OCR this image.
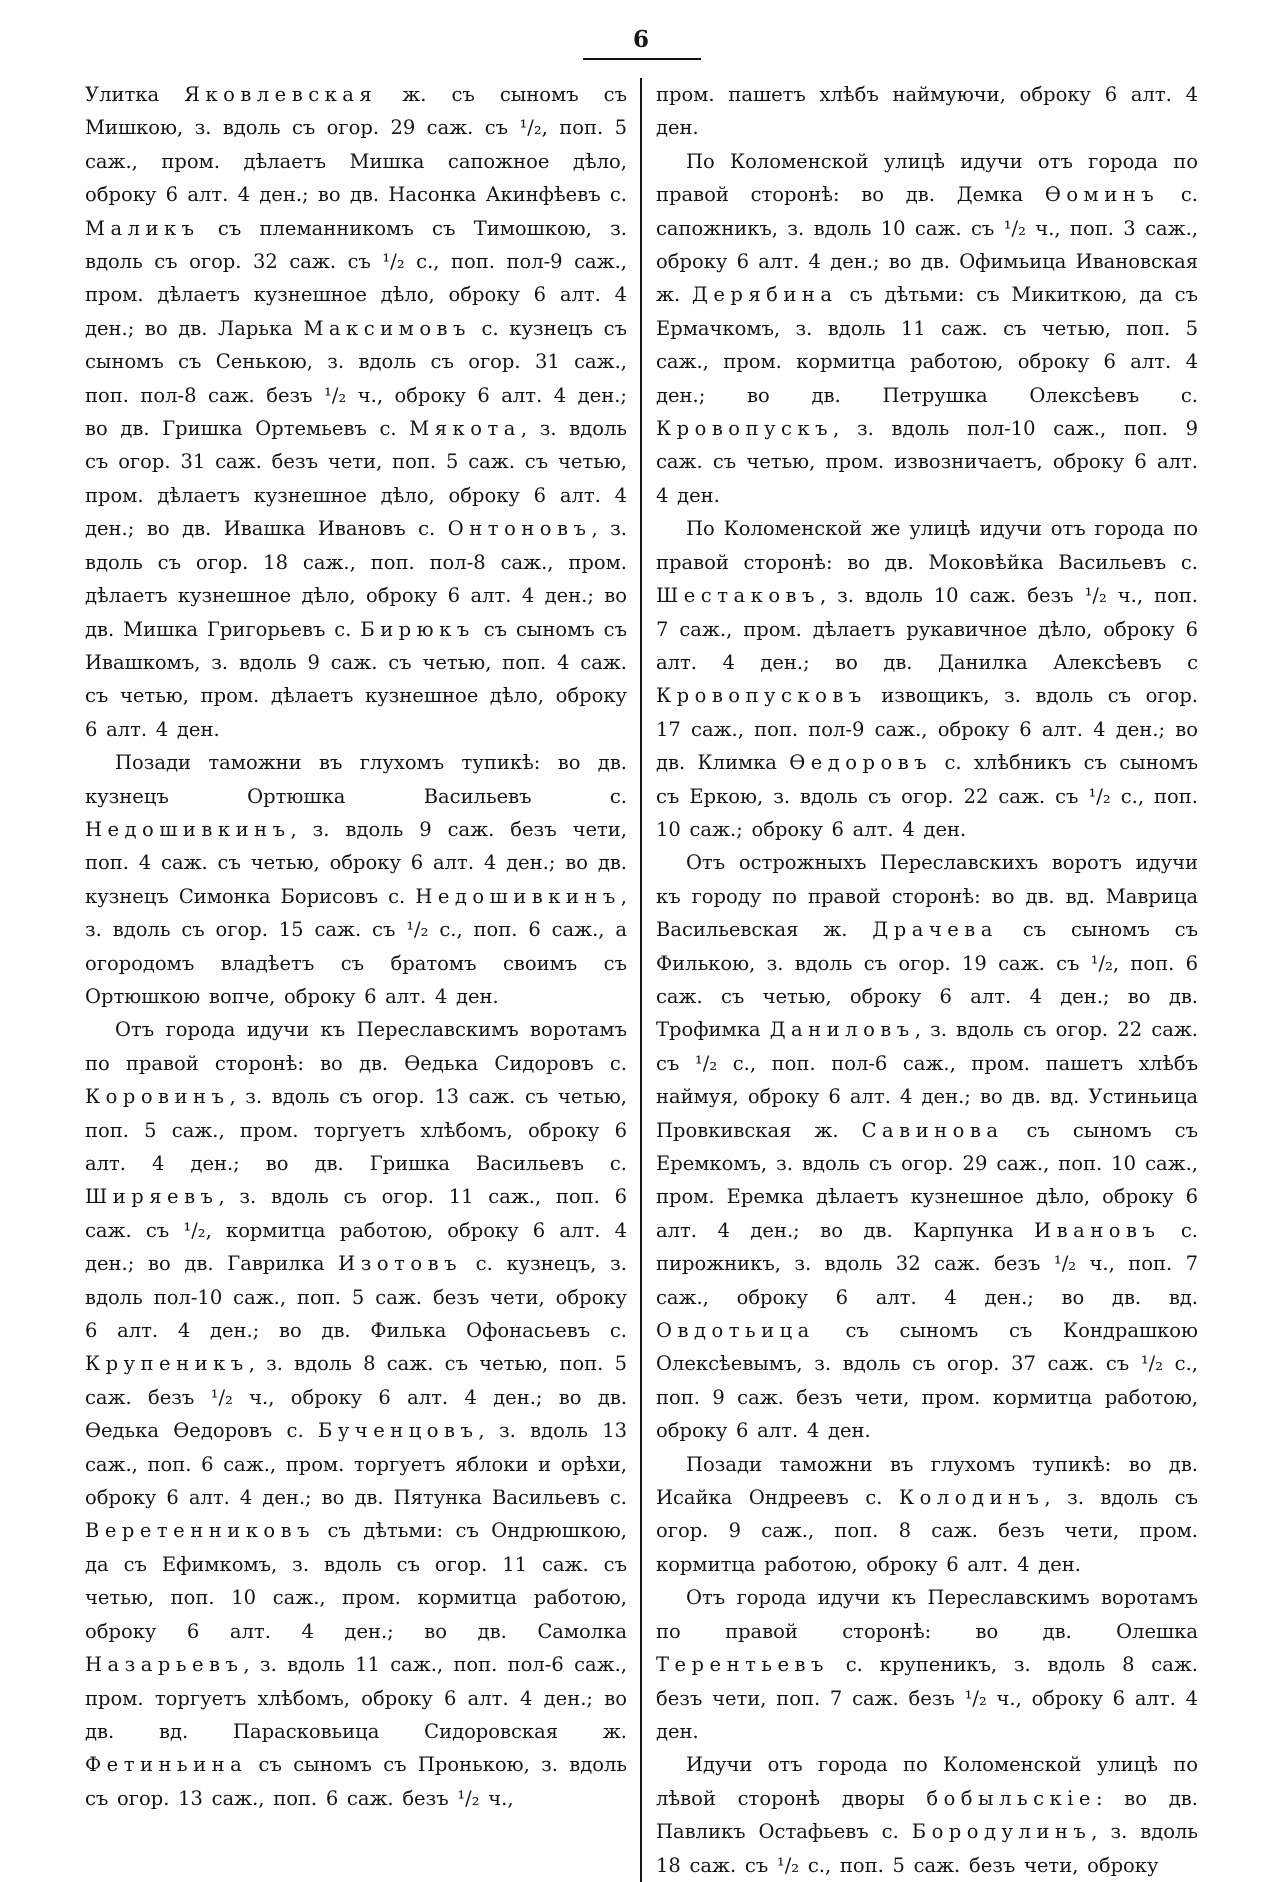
6

Улитка Яковлевская ж. съ сыномъ съ Мишкою, з. вдоль съ огор. 29 саж. съ ¹/₂, поп. 5 саж., пром. дѣлаетъ Мишка сапожное дѣло, оброку 6 алт. 4 ден.; во дв. Насонка Акинфѣевъ с. Маликъ съ племанникомъ съ Тимошкою, з. вдоль съ огор. 32 саж. съ ¹/₂ с., поп. пол-9 саж., пром. дѣлаетъ кузнешное дѣло, оброку 6 алт. 4 ден.; во дв. Ларька Максимовъ с. кузнецъ съ сыномъ съ Сенькою, з. вдоль съ огор. 31 саж., поп. пол-8 саж. безъ ¹/₂ ч., оброку 6 алт. 4 ден.; во дв. Гришка Ортемьевъ с. Мякота, з. вдоль съ огор. 31 саж. безъ чети, поп. 5 саж. съ четью, пром. дѣлаетъ кузнешное дѣло, оброку 6 алт. 4 ден.; во дв. Ивашка Ивановъ с. Онтоновъ, з. вдоль съ огор. 18 саж., поп. пол-8 саж., пром. дѣлаетъ кузнешное дѣло, оброку 6 алт. 4 ден.; во дв. Мишка Григорьевъ с. Бирюкъ съ сыномъ съ Ивашкомъ, з. вдоль 9 саж. съ четью, поп. 4 саж. съ четью, пром. дѣлаетъ кузнешное дѣло, оброку 6 алт. 4 ден.

Позади таможни въ глухомъ тупикѣ: во дв. кузнецъ Ортюшка Васильевъ с. Недошивкинъ, з. вдоль 9 саж. безъ чети, поп. 4 саж. съ четью, оброку 6 алт. 4 ден.; во дв. кузнецъ Симонка Борисовъ с. Недошивкинъ, з. вдоль съ огор. 15 саж. съ ¹/₂ с., поп. 6 саж., а огородомъ владѣетъ съ братомъ своимъ съ Ортюшкою вопче, оброку 6 алт. 4 ден.

Отъ города идучи къ Переславскимъ воротамъ по правой сторонѣ: во дв. Ѳедька Сидоровъ с. Коровинъ, з. вдоль съ огор. 13 саж. съ четью, поп. 5 саж., пром. торгуетъ хлѣбомъ, оброку 6 алт. 4 ден.; во дв. Гришка Васильевъ с. Ширяевъ, з. вдоль съ огор. 11 саж., поп. 6 саж. съ ¹/₂, кормитца работою, оброку 6 алт. 4 ден.; во дв. Гаврилка Изотовъ с. кузнецъ, з. вдоль пол-10 саж., поп. 5 саж. безъ чети, оброку 6 алт. 4 ден.; во дв. Филька Офонасьевъ с. Крупеникъ, з. вдоль 8 саж. съ четью, поп. 5 саж. безъ ¹/₂ ч., оброку 6 алт. 4 ден.; во дв. Ѳедька Ѳедоровъ с. Бученцовъ, з. вдоль 13 саж., поп. 6 саж., пром. торгуетъ яблоки и орѣхи, оброку 6 алт. 4 ден.; во дв. Пятунка Васильевъ с. Веретенниковъ съ дѣтьми: съ Ондрюшкою, да съ Ефимкомъ, з. вдоль съ огор. 11 саж. съ четью, поп. 10 саж., пром. кормитца работою, оброку 6 алт. 4 ден.; во дв. Самолка Назарьевъ, з. вдоль 11 саж., поп. пол-6 саж., пром. торгуетъ хлѣбомъ, оброку 6 алт. 4 ден.; во дв. вд. Парасковьица Сидоровская ж. Фетиньина съ сыномъ съ Пронькою, з. вдоль съ огор. 13 саж., поп. 6 саж. безъ ¹/₂ ч.,

пром. пашетъ хлѣбъ наймуючи, оброку 6 алт. 4 ден.

По Коломенской улицѣ идучи отъ города по правой сторонѣ: во дв. Демка Ѳоминъ с. сапожникъ, з. вдоль 10 саж. съ ¹/₂ ч., поп. 3 саж., оброку 6 алт. 4 ден.; во дв. Офимьица Ивановская ж. Дерябина съ дѣтьми: съ Микиткою, да съ Ермачкомъ, з. вдоль 11 саж. съ четью, поп. 5 саж., пром. кормитца работою, оброку 6 алт. 4 ден.; во дв. Петрушка Олексѣевъ с. Кровопускъ, з. вдоль пол-10 саж., поп. 9 саж. съ четью, пром. извозничаетъ, оброку 6 алт. 4 ден.

По Коломенской же улицѣ идучи отъ города по правой сторонѣ: во дв. Моковѣйка Васильевъ с. Шестаковъ, з. вдоль 10 саж. безъ ¹/₂ ч., поп. 7 саж., пром. дѣлаетъ рукавичное дѣло, оброку 6 алт. 4 ден.; во дв. Данилка Алексѣевъ с Кровопусковъ извощикъ, з. вдоль съ огор. 17 саж., поп. пол-9 саж., оброку 6 алт. 4 ден.; во дв. Климка Ѳедоровъ с. хлѣбникъ съ сыномъ съ Еркою, з. вдоль съ огор. 22 саж. съ ¹/₂ с., поп. 10 саж.; оброку 6 алт. 4 ден.

Отъ острожныхъ Переславскихъ воротъ идучи къ городу по правой сторонѣ: во дв. вд. Маврица Васильевская ж. Драчева съ сыномъ съ Филькою, з. вдоль съ огор. 19 саж. съ ¹/₂, поп. 6 саж. съ четью, оброку 6 алт. 4 ден.; во дв. Трофимка Даниловъ, з. вдоль съ огор. 22 саж. съ ¹/₂ с., поп. пол-6 саж., пром. пашетъ хлѣбъ наймуя, оброку 6 алт. 4 ден.; во дв. вд. Устиньица Провкивская ж. Савинова съ сыномъ съ Еремкомъ, з. вдоль съ огор. 29 саж., поп. 10 саж., пром. Еремка дѣлаетъ кузнешное дѣло, оброку 6 алт. 4 ден.; во дв. Карпунка Ивановъ с. пирожникъ, з. вдоль 32 саж. безъ ¹/₂ ч., поп. 7 саж., оброку 6 алт. 4 ден.; во дв. вд. Овдотьица съ сыномъ съ Кондрашкою Олексѣевымъ, з. вдоль съ огор. 37 саж. съ ¹/₂ с., поп. 9 саж. безъ чети, пром. кормитца работою, оброку 6 алт. 4 ден.

Позади таможни въ глухомъ тупикѣ: во дв. Исайка Ондреевъ с. Колодинъ, з. вдоль съ огор. 9 саж., поп. 8 саж. безъ чети, пром. кормитца работою, оброку 6 алт. 4 ден.

Отъ города идучи къ Переславскимъ воротамъ по правой сторонѣ: во дв. Олешка Терентьевъ с. крупеникъ, з. вдоль 8 саж. безъ чети, поп. 7 саж. безъ ¹/₂ ч., оброку 6 алт. 4 ден.

Идучи отъ города по Коломенской улицѣ по лѣвой сторонѣ дворы бобыльскіе: во дв. Павликъ Остафьевъ с. Бородулинъ, з. вдоль 18 саж. съ ¹/₂ с., поп. 5 саж. безъ чети, оброку
